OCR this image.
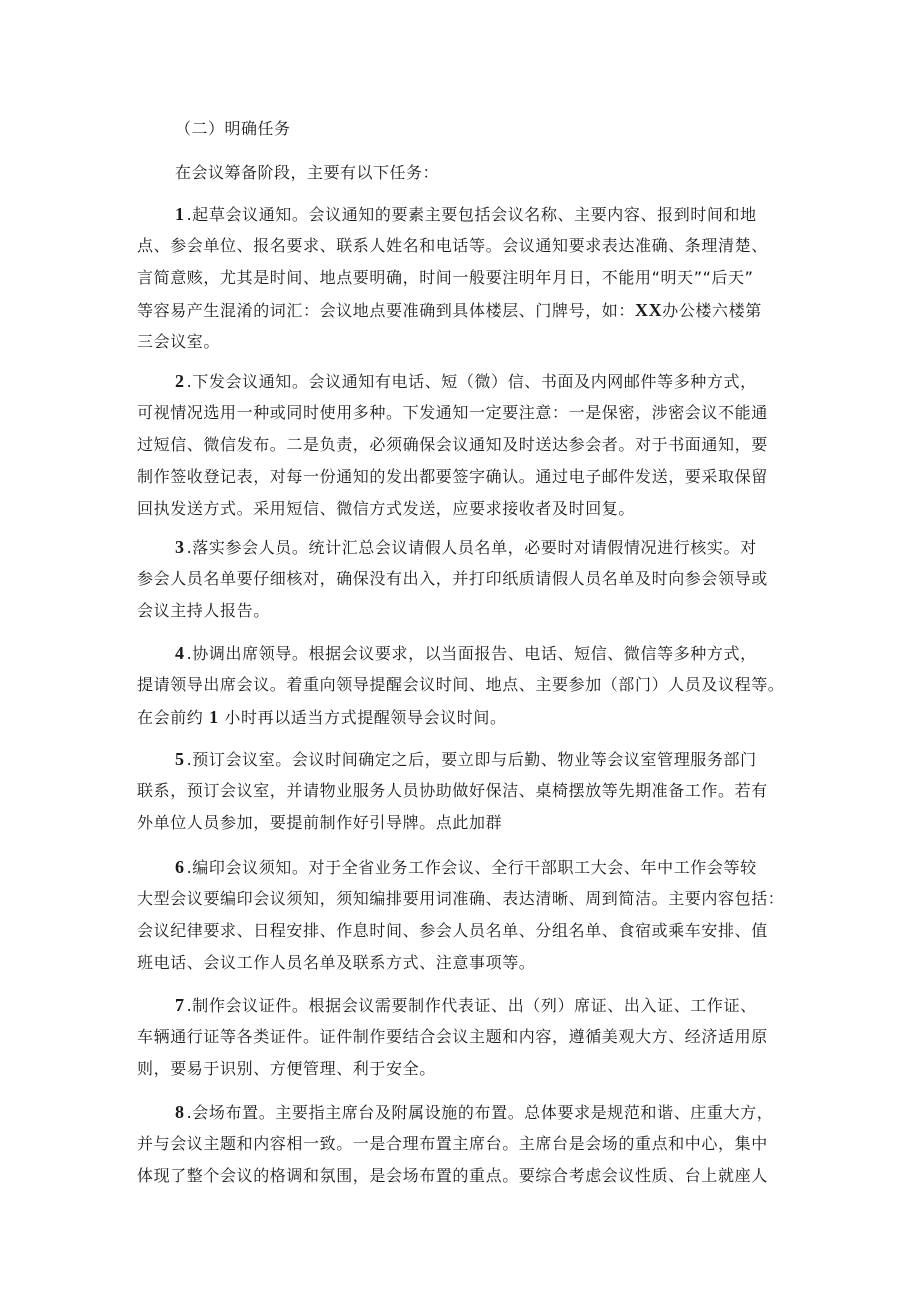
（二）明确任务
在会议筹备阶段，主要有以下任务：
1 .起草会议通知。会议通知的要素主要包括会议名称、主要内容、报到时间和地
点、参会单位、报名要求、联系人姓名和电话等。会议通知要求表达准确、条理清楚、
言简意赅，尤其是时间、地点要明确，时间一般要注明年月日，不能用“明天”“后天”
等容易产生混淆的词汇：会议地点要准确到具体楼层、门牌号，如：XX办公楼六楼第
三会议室。
2 .下发会议通知。会议通知有电话、短（微）信、书面及内网邮件等多种方式，
可视情况选用一种或同时使用多种。下发通知一定要注意：一是保密，涉密会议不能通
过短信、微信发布。二是负责，必须确保会议通知及时送达参会者。对于书面通知，要
制作签收登记表，对每一份通知的发出都要签字确认。通过电子邮件发送，要采取保留
回执发送方式。采用短信、微信方式发送，应要求接收者及时回复。
3 .落实参会人员。统计汇总会议请假人员名单，必要时对请假情况进行核实。对
参会人员名单要仔细核对，确保没有出入，并打印纸质请假人员名单及时向参会领导或
会议主持人报告。
4 .协调出席领导。根据会议要求，以当面报告、电话、短信、微信等多种方式，
提请领导出席会议。着重向领导提醒会议时间、地点、主要参加（部门）人员及议程等。
在会前约 1 小时再以适当方式提醒领导会议时间。
5 .预订会议室。会议时间确定之后，要立即与后勤、物业等会议室管理服务部门
联系，预订会议室，并请物业服务人员协助做好保洁、桌椅摆放等先期准备工作。若有
外单位人员参加，要提前制作好引导牌。点此加群
6 .编印会议须知。对于全省业务工作会议、全行干部职工大会、年中工作会等较
大型会议要编印会议须知，须知编排要用词准确、表达清晰、周到简洁。主要内容包括：
会议纪律要求、日程安排、作息时间、参会人员名单、分组名单、食宿或乘车安排、值
班电话、会议工作人员名单及联系方式、注意事项等。
7 .制作会议证件。根据会议需要制作代表证、出（列）席证、出入证、工作证、
车辆通行证等各类证件。证件制作要结合会议主题和内容，遵循美观大方、经济适用原
则，要易于识别、方便管理、利于安全。
8 .会场布置。主要指主席台及附属设施的布置。总体要求是规范和谐、庄重大方，
并与会议主题和内容相一致。一是合理布置主席台。主席台是会场的重点和中心，集中
体现了整个会议的格调和氛围，是会场布置的重点。要综合考虑会议性质、台上就座人
